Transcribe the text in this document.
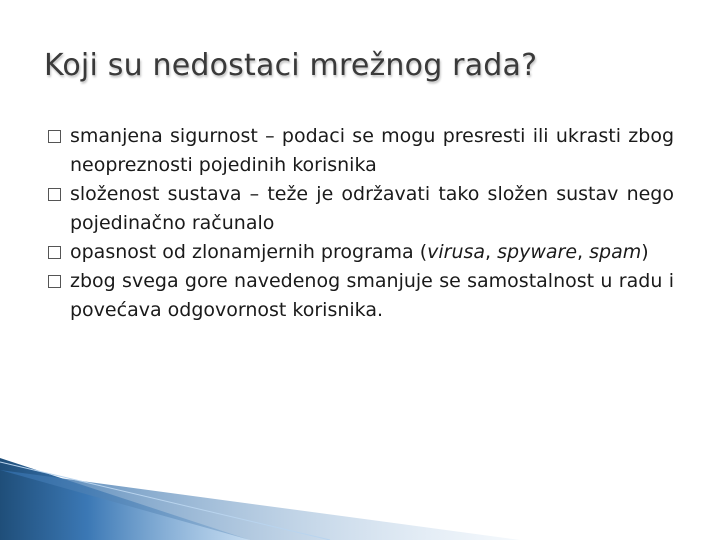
Koji su nedostaci mrežnog rada?
smanjena sigurnost – podaci se mogu presresti ili ukrasti zbog neopreznosti pojedinih korisnika
složenost sustava – teže je održavati tako složen sustav nego pojedinačno računalo
opasnost od zlonamjernih programa (virusa, spyware, spam)
zbog svega gore navedenog smanjuje se samostalnost u radu i povećava odgovornost korisnika.
